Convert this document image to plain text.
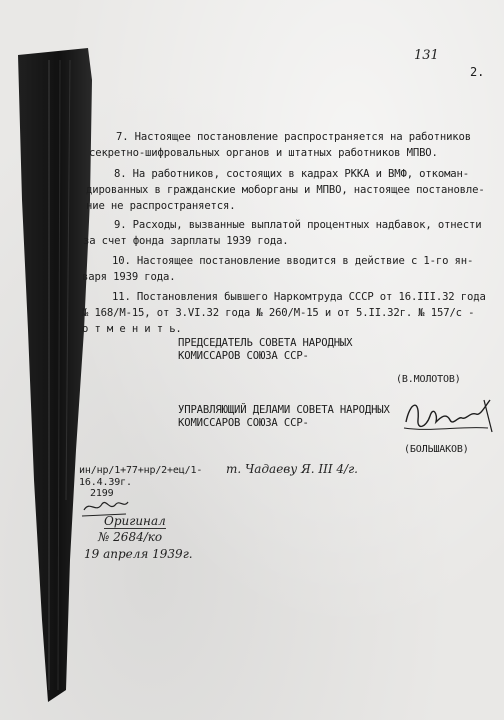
131
2.
7. Настоящее постановление распространяется на работников
секретно-шифровальных органов и штатных работников МПВО.
8. На работников, состоящих в кадрах РККА и ВМФ, откоман-
дированных в гражданские моборганы и МПВО, настоящее постановле-
ние не распространяется.
9. Расходы, вызванные выплатой процентных надбавок, отнести
за счет фонда зарплаты 1939 года.
10. Настоящее постановление вводится в действие с 1-го ян-
варя 1939 года.
11. Постановления бывшего Наркомтруда СССР от 16.III.32 года
№ 168/М-15, от 3.VI.32 года № 260/М-15 и от 5.II.32г. № 157/с -
о т м е н и т ь.
ПРЕДСЕДАТЕЛЬ СОВЕТА НАРОДНЫХ
КОМИССАРОВ СОЮЗА ССР-
(В.МОЛОТОВ)
УПРАВЛЯЮЩИЙ ДЕЛАМИ СОВЕТА НАРОДНЫХ
КОМИССАРОВ СОЮЗА ССР-
(БОЛЬШАКОВ)
ин/нр/1+77+нр/2+ец/1- т. Чадаеву Я. III 4/г.
16.4.39г.
2199
Оригинал
№ 2684/ко
19 апреля 1939г.
